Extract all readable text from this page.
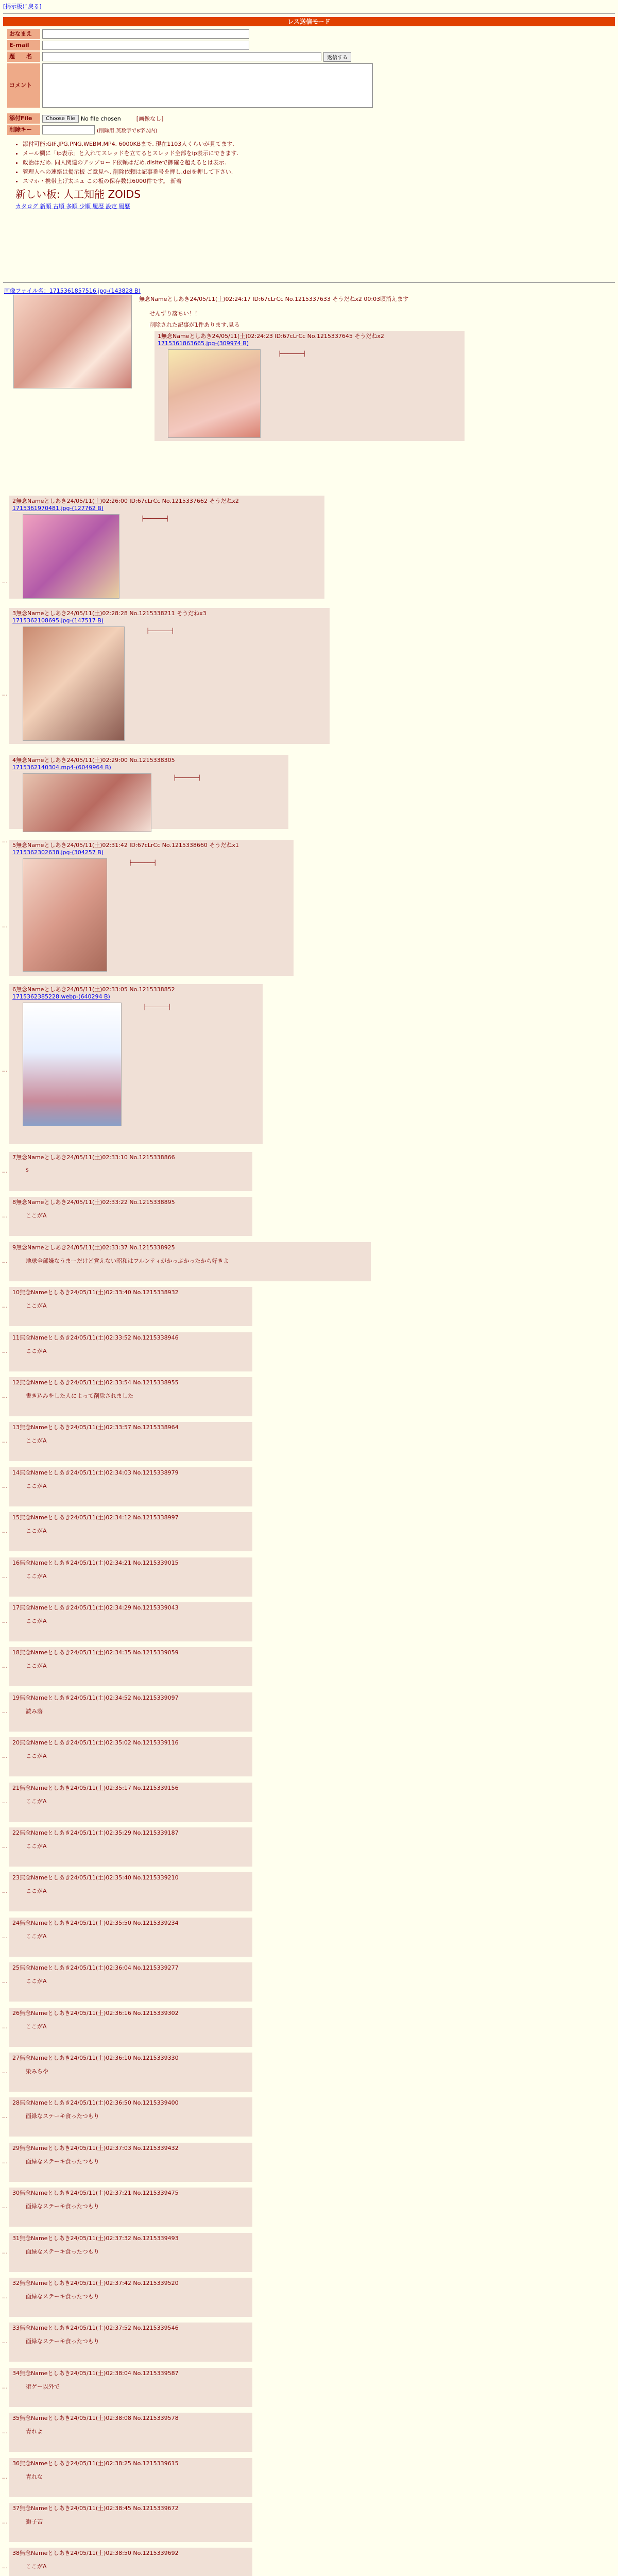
[掲示板に戻る]
レス送信モード
おなまえ
E-mail
題　　名	返信する
コメント
添付File	Choose File	No file chosen	[画像なし]
削除キー	(削除用.英数字で8字以内)
• 添付可能:GIF,JPG,PNG,WEBM,MP4. 6000KBまで. 現在1103人くらいが見てます.
• メール欄に「ip表示」と入れてスレッドを立てるとスレッド全部をip表示にできます.
• 政治はだめ. 同人関連のアップロード依頼はだめ.dlsiteで御確を超えるとは表示.
• 管理人への連絡は掲示板 ご意見へ. 削除依頼は記事番号を押し.delを押して下さい.
• スマホ・携帯上げ太ニュ この板の保存数は6000件です。 新着
新しい板: 人工知能 ZOIDS
カタログ 新順 古順 多順 少順 履歴 設定 履歴
画像ファイル名：1715361857516.jpg-(143828 B)
無念Nameとしあき24/05/11(土)02:24:17 ID:67cLrCc No.1215337633 そうだねx2 00:03頃消えます
せんずり落ちい！！
削除された記事が1件あります.見る
1無念Nameとしあき24/05/11(土)02:24:23 ID:67cLrCc No.1215337645 そうだねx2
1715361863665.jpg-(309974 B)
├───────┤
…
2無念Nameとしあき24/05/11(土)02:26:00 ID:67cLrCc No.1215337662 そうだねx2
1715361970481.jpg-(127762 B)
├───────┤
…
3無念Nameとしあき24/05/11(土)02:28:28 No.1215338211 そうだねx3
1715362108695.jpg-(147517 B)
├───────┤
…
4無念Nameとしあき24/05/11(土)02:29:00 No.1215338305
1715362140304.mp4-(6049964 B)
├───────┤
…
5無念Nameとしあき24/05/11(土)02:31:42 ID:67cLrCc No.1215338660 そうだねx1
1715362302638.jpg-(304257 B)
├───────┤
…
6無念Nameとしあき24/05/11(土)02:33:05 No.1215338852
1715362385228.webp-(640294 B)
├───────┤
…
7無念Nameとしあき24/05/11(土)02:33:10 No.1215338866
s
…
8無念Nameとしあき24/05/11(土)02:33:22 No.1215338895
ここがA
…
9無念Nameとしあき24/05/11(土)02:33:37 No.1215338925
地球全部嫌なうまーだけど覚えない昭和はフルンティがかっぷかったから好きよ
…
10無念Nameとしあき24/05/11(土)02:33:40 No.1215338932
ここがA
…
11無念Nameとしあき24/05/11(土)02:33:52 No.1215338946
ここがA
…
12無念Nameとしあき24/05/11(土)02:33:54 No.1215338955
書き込みをした人によって削除されました
…
13無念Nameとしあき24/05/11(土)02:33:57 No.1215338964
ここがA
…
14無念Nameとしあき24/05/11(土)02:34:03 No.1215338979
ここがA
…
15無念Nameとしあき24/05/11(土)02:34:12 No.1215338997
ここがA
…
16無念Nameとしあき24/05/11(土)02:34:21 No.1215339015
ここがA
…
17無念Nameとしあき24/05/11(土)02:34:29 No.1215339043
ここがA
…
18無念Nameとしあき24/05/11(土)02:34:35 No.1215339059
ここがA
…
19無念Nameとしあき24/05/11(土)02:34:52 No.1215339097
読み落
…
20無念Nameとしあき24/05/11(土)02:35:02 No.1215339116
ここがA
…
21無念Nameとしあき24/05/11(土)02:35:17 No.1215339156
ここがA
…
22無念Nameとしあき24/05/11(土)02:35:29 No.1215339187
ここがA
…
23無念Nameとしあき24/05/11(土)02:35:40 No.1215339210
ここがA
…
24無念Nameとしあき24/05/11(土)02:35:50 No.1215339234
ここがA
…
25無念Nameとしあき24/05/11(土)02:36:04 No.1215339277
ここがA
…
26無念Nameとしあき24/05/11(土)02:36:16 No.1215339302
ここがA
…
27無念Nameとしあき24/05/11(土)02:36:10 No.1215339330
染みちや
…
28無念Nameとしあき24/05/11(土)02:36:50 No.1215339400
面緑なステーキ食ったつもり
…
29無念Nameとしあき24/05/11(土)02:37:03 No.1215339432
面緑なステーキ食ったつもり
…
30無念Nameとしあき24/05/11(土)02:37:21 No.1215339475
面緑なステーキ食ったつもり
…
31無念Nameとしあき24/05/11(土)02:37:32 No.1215339493
面緑なステーキ食ったつもり
…
32無念Nameとしあき24/05/11(土)02:37:42 No.1215339520
面緑なステーキ食ったつもり
…
33無念Nameとしあき24/05/11(土)02:37:52 No.1215339546
面緑なステーキ食ったつもり
…
34無念Nameとしあき24/05/11(土)02:38:04 No.1215339587
術ゲー以外で
…
35無念Nameとしあき24/05/11(土)02:38:08 No.1215339578
青れよ
…
36無念Nameとしあき24/05/11(土)02:38:25 No.1215339615
青れな
…
37無念Nameとしあき24/05/11(土)02:38:45 No.1215339672
獅子苦
…
38無念Nameとしあき24/05/11(土)02:38:50 No.1215339692
ここがA
